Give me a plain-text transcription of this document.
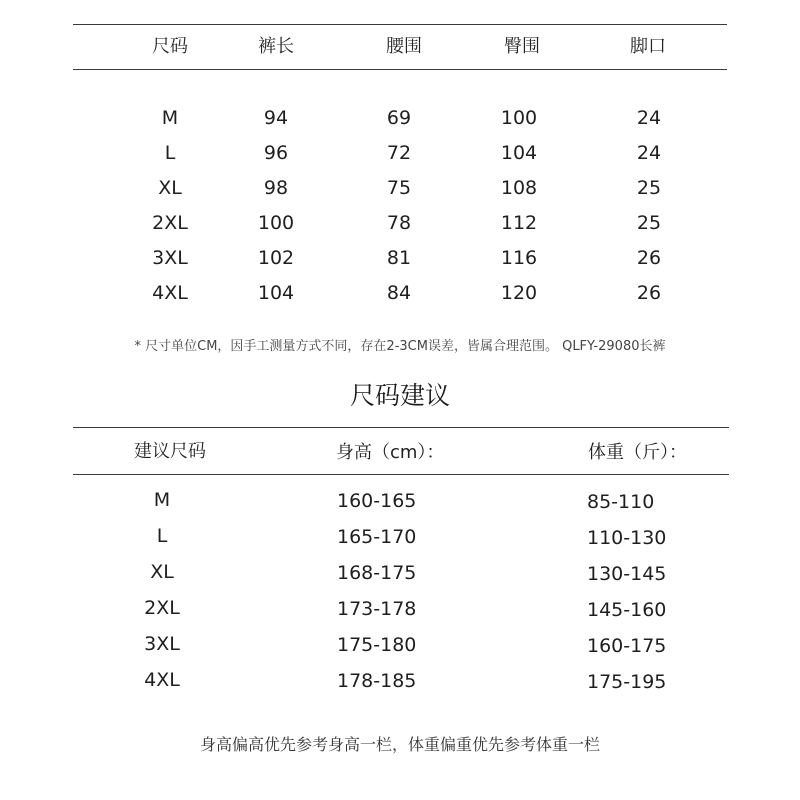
尺码	裤长	腰围	臀围	脚口
M	94	69	100	24
L	96	72	104	24
XL	98	75	108	25
2XL	100	78	112	25
3XL	102	81	116	26
4XL	104	84	120	26
* 尺寸单位CM，因手工测量方式不同，存在2-3CM误差，皆属合理范围。 QLFY-29080长裤
尺码建议
建议尺码	身高（cm）：	体重（斤）：
M	160-165	85-110
L	165-170	110-130
XL	168-175	130-145
2XL	173-178	145-160
3XL	175-180	160-175
4XL	178-185	175-195
身高偏高优先参考身高一栏，体重偏重优先参考体重一栏
